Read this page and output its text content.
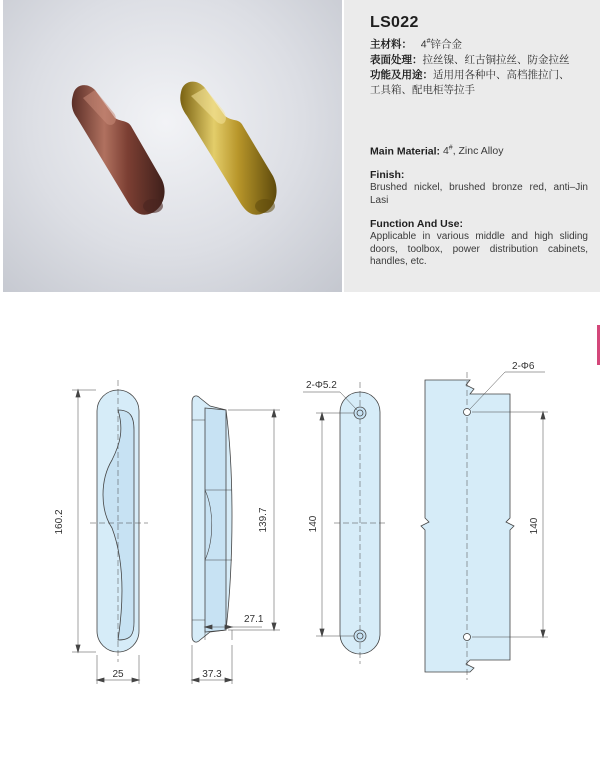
LS022
主材料： 4#锌合金
表面处理：拉丝镍、红古铜拉丝、防金拉丝
功能及用途：适用用各种中、高档推拉门、
工具箱、配电柜等拉手
Main Material: 4#, Zinc Alloy
Finish:
Brushed nickel, brushed bronze red, anti–Jin Lasi
Function And Use:
Applicable in various middle and high sliding doors, toolbox, power distribution cabinets, handles, etc.
160.2
25
139.7
27.1
37.3
2-Φ5.2
140
2-Φ6
140
